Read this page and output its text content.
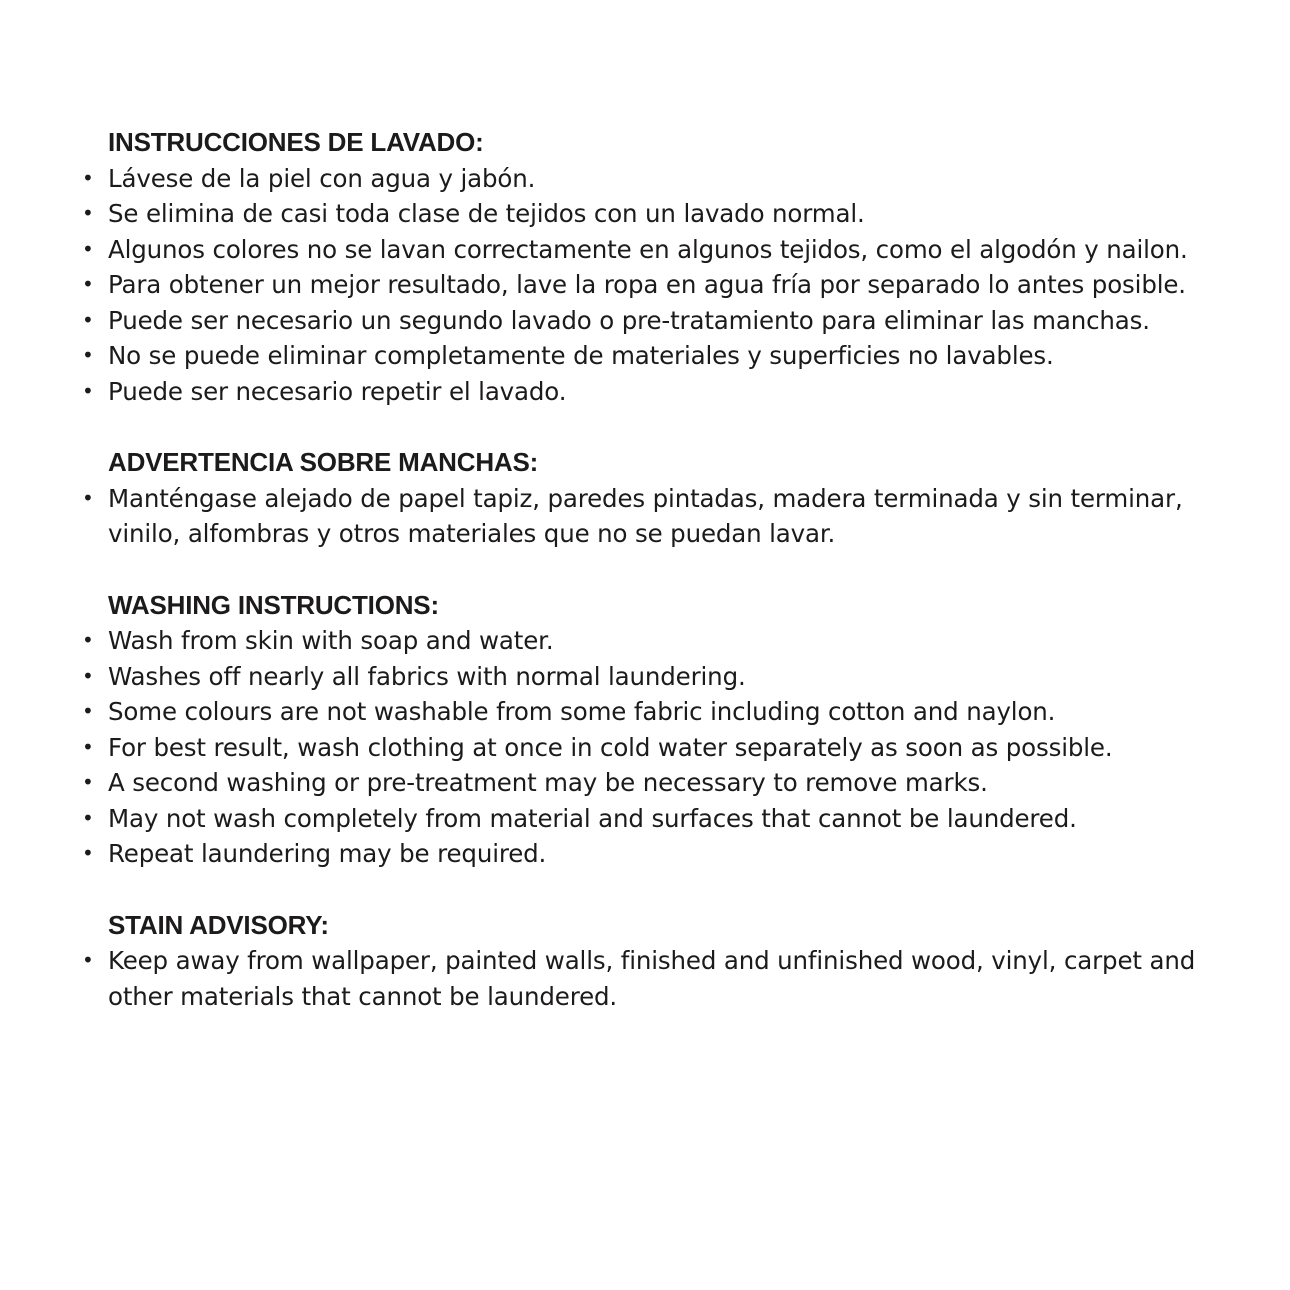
INSTRUCCIONES DE LAVADO:
• Lávese de la piel con agua y jabón.
• Se elimina de casi toda clase de tejidos con un lavado normal.
• Algunos colores no se lavan correctamente en algunos tejidos, como el algodón y nailon.
• Para obtener un mejor resultado, lave la ropa en agua fría por separado lo antes posible.
• Puede ser necesario un segundo lavado o pre-tratamiento para eliminar las manchas.
• No se puede eliminar completamente de materiales y superficies no lavables.
• Puede ser necesario repetir el lavado.
ADVERTENCIA SOBRE MANCHAS:
• Manténgase alejado de papel tapiz, paredes pintadas, madera terminada y sin terminar, vinilo, alfombras y otros materiales que no se puedan lavar.
WASHING INSTRUCTIONS:
• Wash from skin with soap and water.
• Washes off nearly all fabrics with normal laundering.
• Some colours are not washable from some fabric including cotton and naylon.
• For best result, wash clothing at once in cold water separately as soon as possible.
• A second washing or pre-treatment may be necessary to remove marks.
• May not wash completely from material and surfaces that cannot be laundered.
• Repeat laundering may be required.
STAIN ADVISORY:
• Keep away from wallpaper, painted walls, finished and unfinished wood, vinyl, carpet and other materials that cannot be laundered.
